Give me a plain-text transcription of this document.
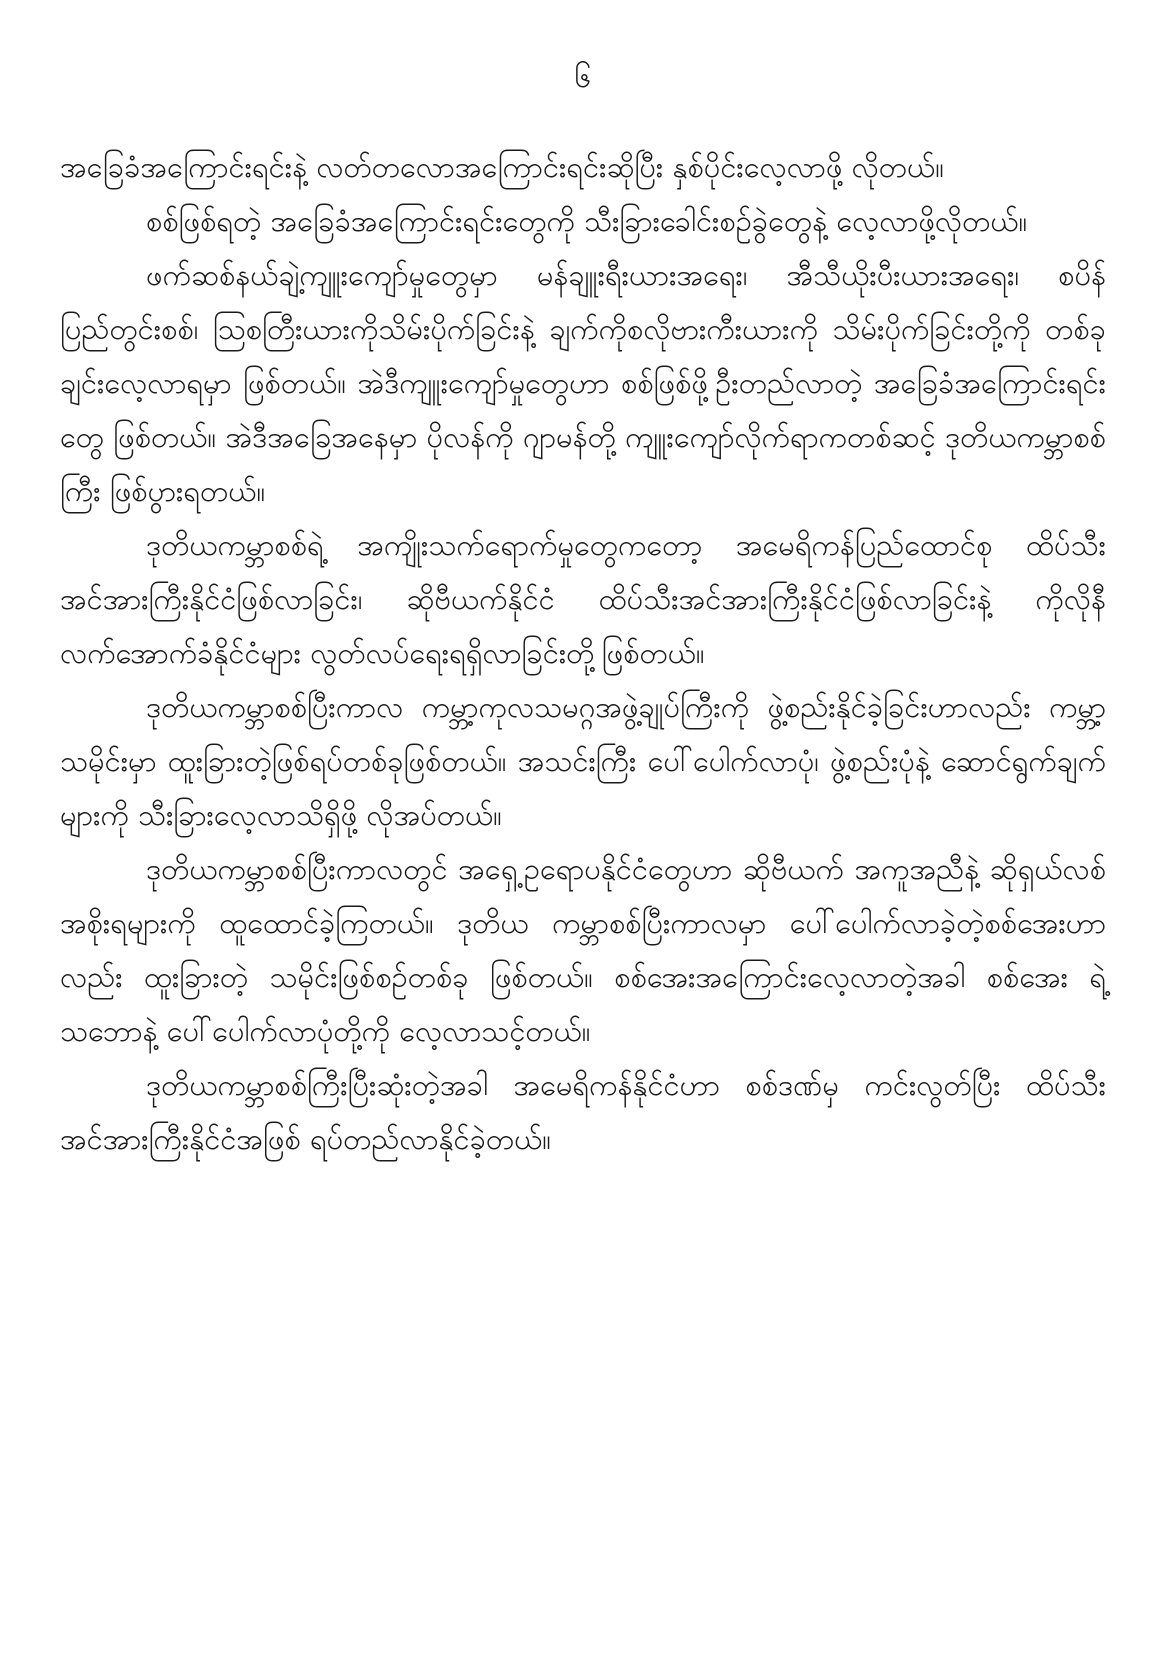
၆

အခြေခံအကြောင်းရင်းနဲ့ လတ်တလောအကြောင်းရင်းဆိုပြီး နှစ်ပိုင်းလေ့လာဖို့ လိုတယ်။

စစ်ဖြစ်ရတဲ့ အခြေခံအကြောင်းရင်းတွေကို သီးခြားခေါင်းစဉ်ခွဲတွေနဲ့ လေ့လာဖို့လိုတယ်။

ဖက်ဆစ်နယ်ချဲ့ကျူးကျော်မှုတွေမှာ မန်ချူးရီးယားအရေး၊ အီသီယိုးပီးယားအရေး၊ စပိန်ပြည်တွင်းစစ်၊ ဩစတြီးယားကိုသိမ်းပိုက်ခြင်းနဲ့ ချက်ကိုစလိုဗားကီးယားကို သိမ်းပိုက်ခြင်းတို့ကို တစ်ခုချင်းလေ့လာရမှာ ဖြစ်တယ်။ အဲဒီကျူးကျော်မှုတွေဟာ စစ်ဖြစ်ဖို့ဦးတည်လာတဲ့ အခြေခံအကြောင်းရင်းတွေ ဖြစ်တယ်။ အဲဒီအခြေအနေမှာ ပိုလန်ကို ဂျာမန်တို့ ကျူးကျော်လိုက်ရာကတစ်ဆင့် ဒုတိယကမ္ဘာစစ်ကြီး ဖြစ်ပွားရတယ်။

ဒုတိယကမ္ဘာစစ်ရဲ့ အကျိုးသက်ရောက်မှုတွေကတော့ အမေရိကန်ပြည်ထောင်စု ထိပ်သီးအင်အားကြီးနိုင်ငံဖြစ်လာခြင်း၊ ဆိုဗီယက်နိုင်ငံ ထိပ်သီးအင်အားကြီးနိုင်ငံဖြစ်လာခြင်းနဲ့ ကိုလိုနီလက်အောက်ခံနိုင်ငံများ လွတ်လပ်ရေးရရှိလာခြင်းတို့ဖြစ်တယ်။

ဒုတိယကမ္ဘာစစ်ပြီးကာလ ကမ္ဘာ့ကုလသမဂ္ဂအဖွဲ့ချုပ်ကြီးကို ဖွဲ့စည်းနိုင်ခဲ့ခြင်းဟာလည်း ကမ္ဘာ့သမိုင်းမှာ ထူးခြားတဲ့ဖြစ်ရပ်တစ်ခုဖြစ်တယ်။ အသင်းကြီး ပေါ်ပေါက်လာပုံ၊ ဖွဲ့စည်းပုံနဲ့ ဆောင်ရွက်ချက်များကို သီးခြားလေ့လာသိရှိဖို့ လိုအပ်တယ်။

ဒုတိယကမ္ဘာစစ်ပြီးကာလတွင် အရှေ့ဥရောပနိုင်ငံတွေဟာ ဆိုဗီယက် အကူအညီနဲ့ ဆိုရှယ်လစ်အစိုးရများကို ထူထောင်ခဲ့ကြတယ်။ ဒုတိယ ကမ္ဘာစစ်ပြီးကာလမှာ ပေါ်ပေါက်လာခဲ့တဲ့စစ်အေးဟာလည်း ထူးခြားတဲ့ သမိုင်းဖြစ်စဉ်တစ်ခု ဖြစ်တယ်။ စစ်အေးအကြောင်းလေ့လာတဲ့အခါ စစ်အေး ရဲ့သဘောနဲ့ ပေါ်ပေါက်လာပုံတို့ကို လေ့လာသင့်တယ်။

ဒုတိယကမ္ဘာစစ်ကြီးပြီးဆုံးတဲ့အခါ အမေရိကန်နိုင်ငံဟာ စစ်ဒဏ်မှ ကင်းလွတ်ပြီး ထိပ်သီးအင်အားကြီးနိုင်ငံအဖြစ် ရပ်တည်လာနိုင်ခဲ့တယ်။
